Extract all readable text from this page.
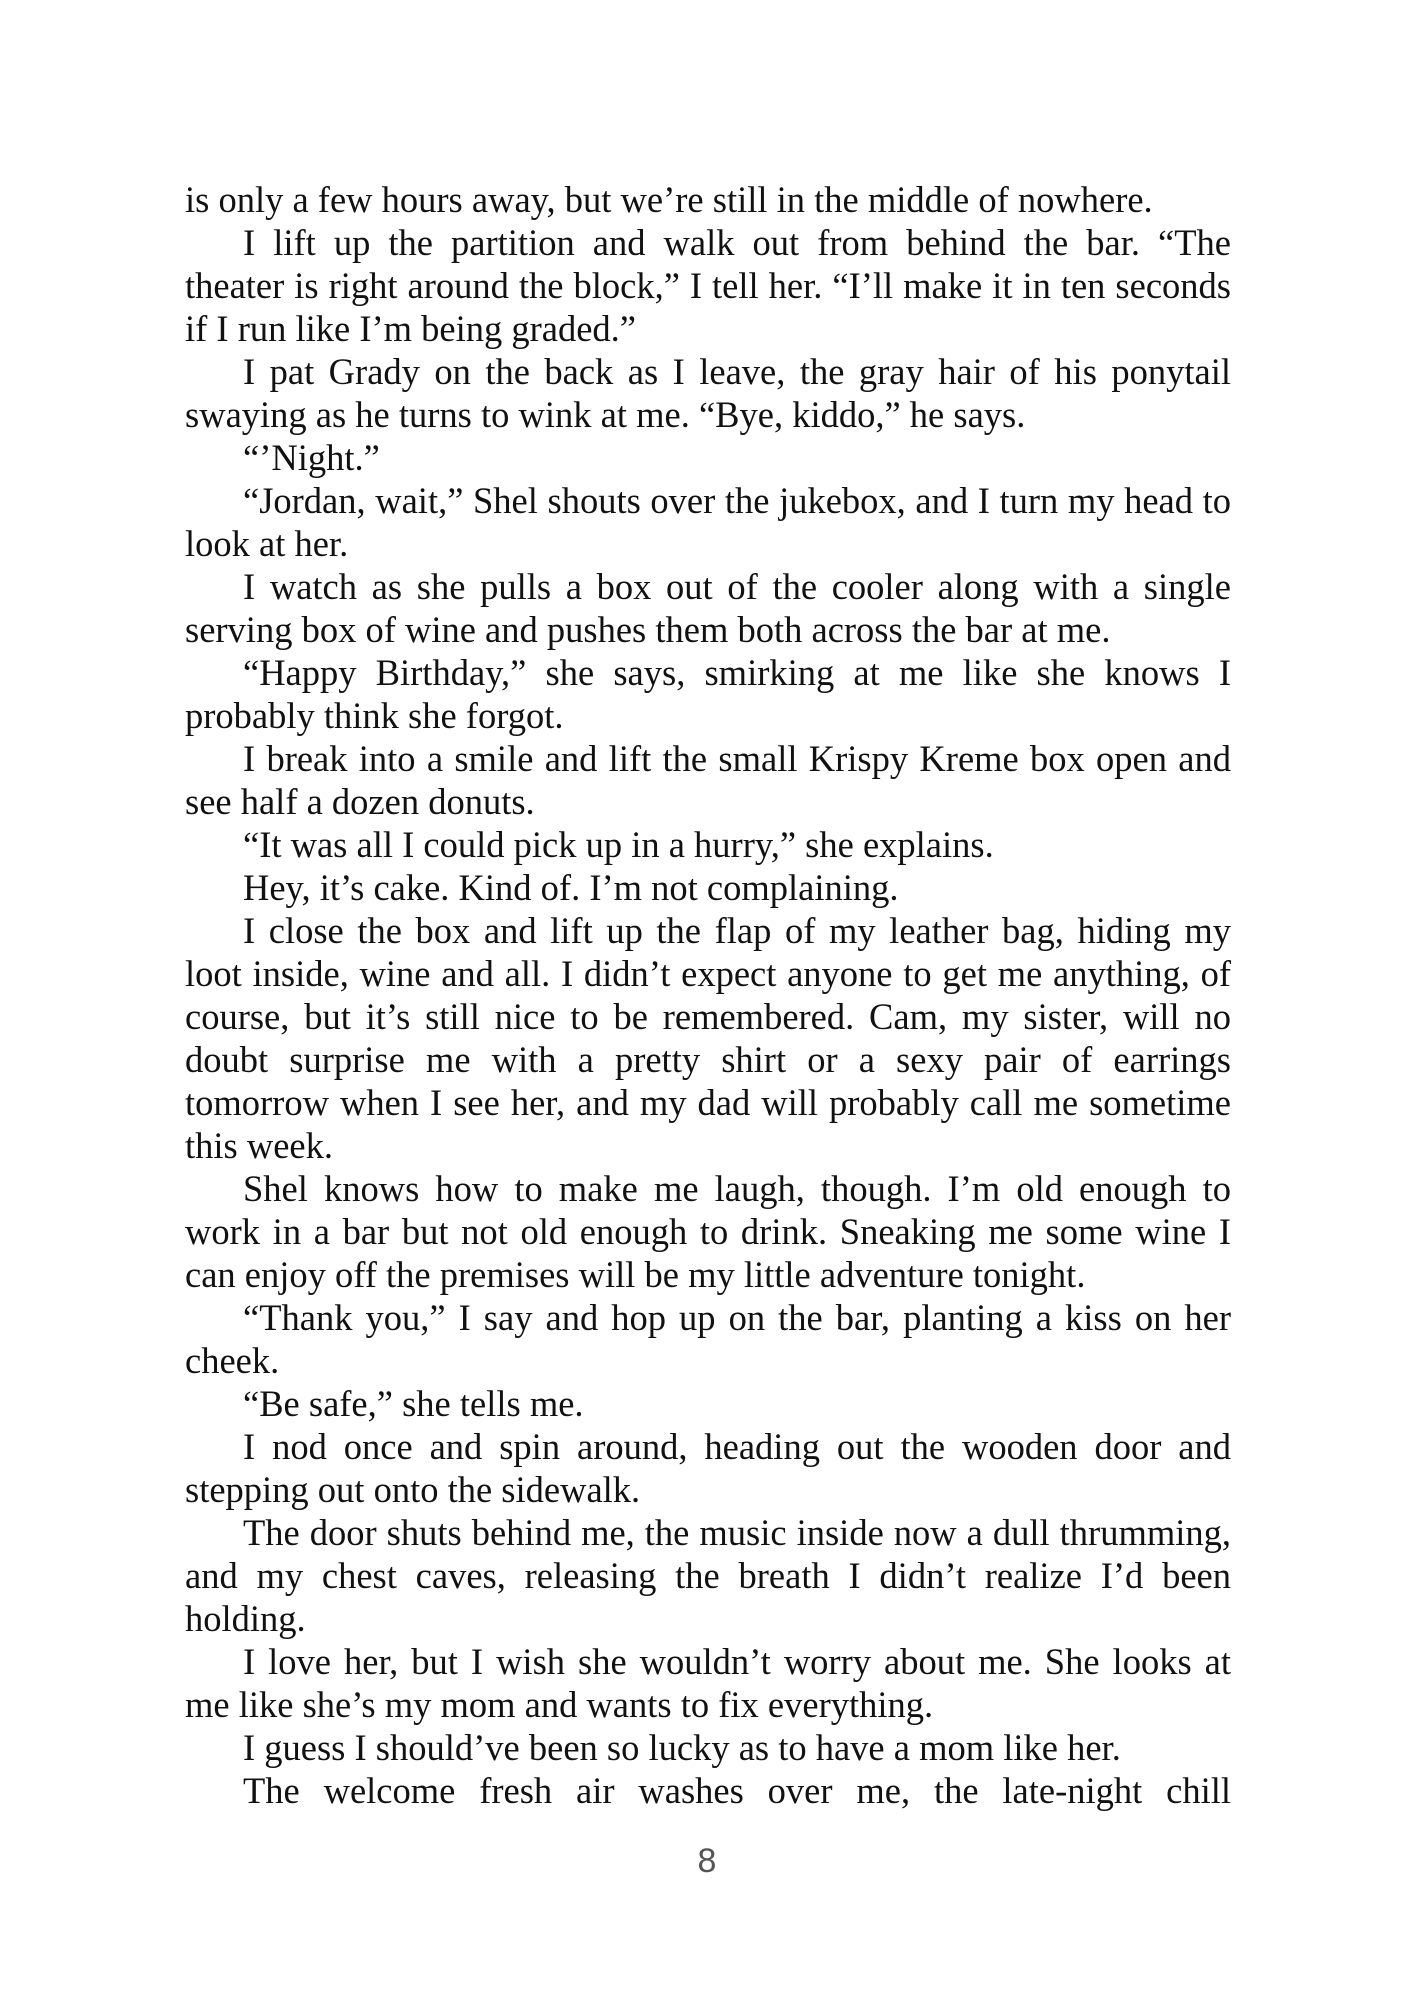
is only a few hours away, but we’re still in the middle of nowhere.

I lift up the partition and walk out from behind the bar. “The theater is right around the block,” I tell her. “I’ll make it in ten seconds if I run like I’m being graded.”

I pat Grady on the back as I leave, the gray hair of his ponytail swaying as he turns to wink at me. “Bye, kiddo,” he says.

“’Night.”

“Jordan, wait,” Shel shouts over the jukebox, and I turn my head to look at her.

I watch as she pulls a box out of the cooler along with a single serving box of wine and pushes them both across the bar at me.

“Happy Birthday,” she says, smirking at me like she knows I probably think she forgot.

I break into a smile and lift the small Krispy Kreme box open and see half a dozen donuts.

“It was all I could pick up in a hurry,” she explains.

Hey, it’s cake. Kind of. I’m not complaining.

I close the box and lift up the flap of my leather bag, hiding my loot inside, wine and all. I didn’t expect anyone to get me anything, of course, but it’s still nice to be remembered. Cam, my sister, will no doubt surprise me with a pretty shirt or a sexy pair of earrings tomorrow when I see her, and my dad will probably call me sometime this week.

Shel knows how to make me laugh, though. I’m old enough to work in a bar but not old enough to drink. Sneaking me some wine I can enjoy off the premises will be my little adventure tonight.

“Thank you,” I say and hop up on the bar, planting a kiss on her cheek.

“Be safe,” she tells me.

I nod once and spin around, heading out the wooden door and stepping out onto the sidewalk.

The door shuts behind me, the music inside now a dull thrumming, and my chest caves, releasing the breath I didn’t realize I’d been holding.

I love her, but I wish she wouldn’t worry about me. She looks at me like she’s my mom and wants to fix everything.

I guess I should’ve been so lucky as to have a mom like her.

The welcome fresh air washes over me, the late-night chill

8
